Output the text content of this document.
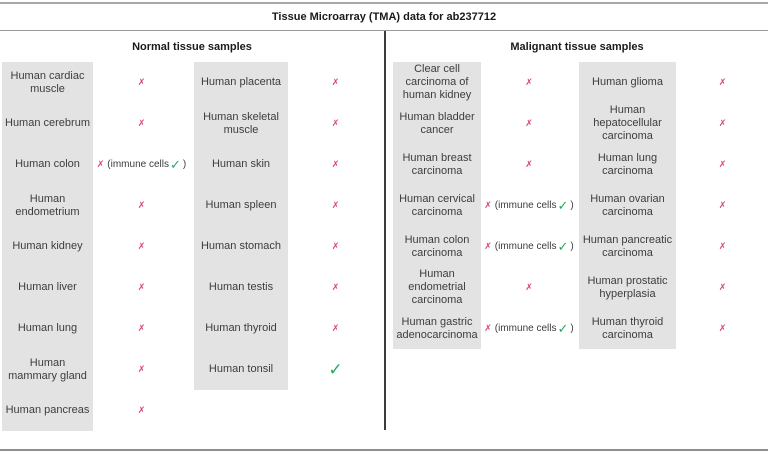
Tissue Microarray (TMA) data for ab237712
Normal tissue samples
Human cardiac muscle
Human cerebrum
Human colon
Human endometrium
Human kidney
Human liver
Human lung
Human mammary gland
Human pancreas
✗
✗
✗ (immune cells ✓ )
✗
✗
✗
✗
✗
✗
Human placenta
Human skeletal muscle
Human skin
Human spleen
Human stomach
Human testis
Human thyroid
Human tonsil
✗
✗
✗
✗
✗
✗
✗
✓
Malignant tissue samples
Clear cell carcinoma of human kidney
Human bladder cancer
Human breast carcinoma
Human cervical carcinoma
Human colon carcinoma
Human endometrial carcinoma
Human gastric adenocarcinoma
✗
✗
✗
✗ (immune cells ✓ )
✗ (immune cells ✓ )
✗
✗ (immune cells ✓ )
Human glioma
Human hepatocellular carcinoma
Human lung carcinoma
Human ovarian carcinoma
Human pancreatic carcinoma
Human prostatic hyperplasia
Human thyroid carcinoma
✗
✗
✗
✗
✗
✗
✗
